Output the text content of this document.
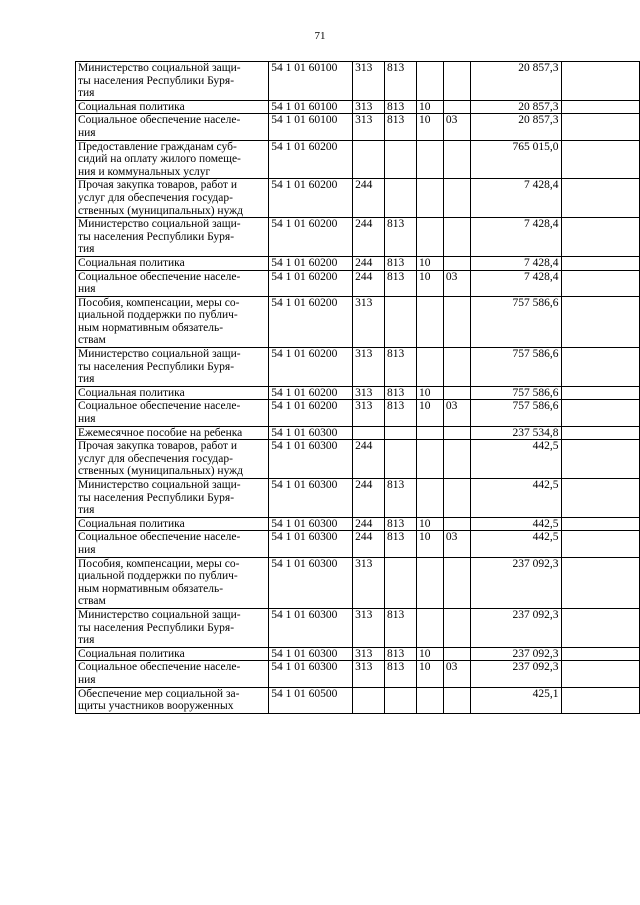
71
Министерство социальной защи-
ты населения Республики Буря-
тия	54 1 01 60100	313	813			20 857,3	
Социальная политика	54 1 01 60100	313	813	10		20 857,3	
Социальное обеспечение населе-
ния	54 1 01 60100	313	813	10	03	20 857,3	
Предоставление гражданам суб-
сидий на оплату жилого помеще-
ния и коммунальных услуг	54 1 01 60200					765 015,0	
Прочая закупка товаров, работ и
услуг для обеспечения государ-
ственных (муниципальных) нужд	54 1 01 60200	244				7 428,4	
Министерство социальной защи-
ты населения Республики Буря-
тия	54 1 01 60200	244	813			7 428,4	
Социальная политика	54 1 01 60200	244	813	10		7 428,4	
Социальное обеспечение населе-
ния	54 1 01 60200	244	813	10	03	7 428,4	
Пособия, компенсации, меры со-
циальной поддержки по публич-
ным нормативным обязатель-
ствам	54 1 01 60200	313				757 586,6	
Министерство социальной защи-
ты населения Республики Буря-
тия	54 1 01 60200	313	813			757 586,6	
Социальная политика	54 1 01 60200	313	813	10		757 586,6	
Социальное обеспечение населе-
ния	54 1 01 60200	313	813	10	03	757 586,6	
Ежемесячное пособие на ребенка	54 1 01 60300					237 534,8	
Прочая закупка товаров, работ и
услуг для обеспечения государ-
ственных (муниципальных) нужд	54 1 01 60300	244				442,5	
Министерство социальной защи-
ты населения Республики Буря-
тия	54 1 01 60300	244	813			442,5	
Социальная политика	54 1 01 60300	244	813	10		442,5	
Социальное обеспечение населе-
ния	54 1 01 60300	244	813	10	03	442,5	
Пособия, компенсации, меры со-
циальной поддержки по публич-
ным нормативным обязатель-
ствам	54 1 01 60300	313				237 092,3	
Министерство социальной защи-
ты населения Республики Буря-
тия	54 1 01 60300	313	813			237 092,3	
Социальная политика	54 1 01 60300	313	813	10		237 092,3	
Социальное обеспечение населе-
ния	54 1 01 60300	313	813	10	03	237 092,3	
Обеспечение мер социальной за-
щиты участников вооруженных	54 1 01 60500					425,1	
